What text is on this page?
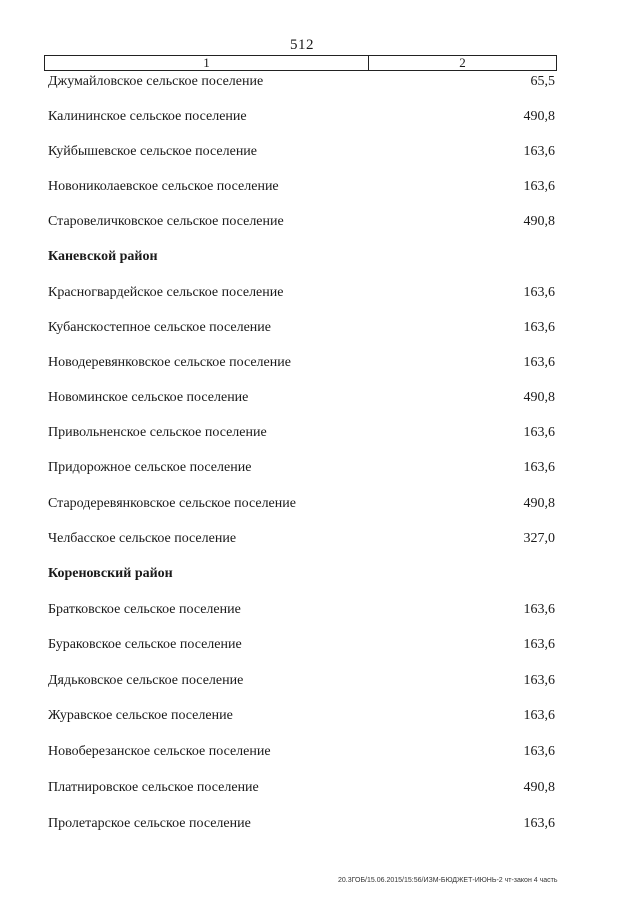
512
1	2
Джумайловское сельское поселение	65,5
Калининское сельское поселение	490,8
Куйбышевское сельское поселение	163,6
Новониколаевское сельское поселение	163,6
Старовеличковское сельское поселение	490,8
Каневской район
Красногвардейское сельское поселение	163,6
Кубанскостепное сельское поселение	163,6
Новодеревянковское сельское поселение	163,6
Новоминское сельское поселение	490,8
Привольненское сельское поселение	163,6
Придорожное сельское поселение	163,6
Стародеревянковское сельское поселение	490,8
Челбасское сельское поселение	327,0
Кореновский район
Братковское сельское поселение	163,6
Бураковское сельское поселение	163,6
Дядьковское сельское поселение	163,6
Журавское сельское поселение	163,6
Новоберезанское сельское поселение	163,6
Платнировское сельское поселение	490,8
Пролетарское сельское поселение	163,6
20.3ГОБ/15.06.2015/15:56/ИЗМ-БЮДЖЕТ-ИЮНЬ-2 чт-закон 4 часть
